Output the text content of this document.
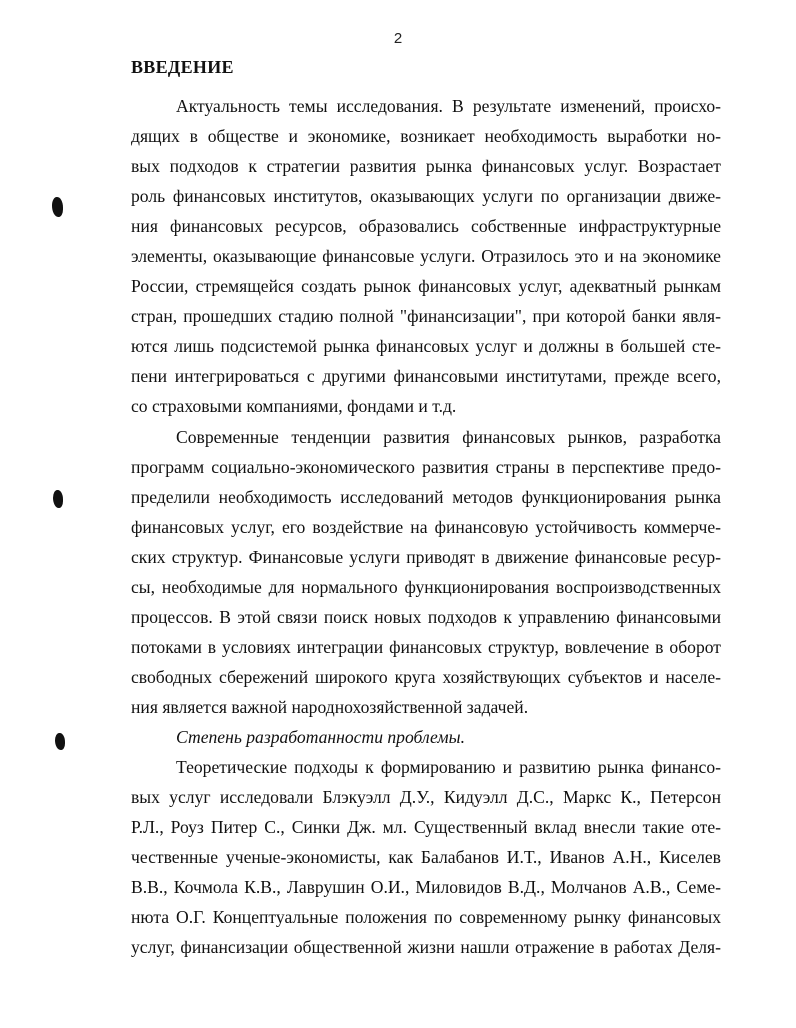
2
ВВЕДЕНИЕ
Актуальность темы исследования. В результате изменений, происхо-
дящих в обществе и экономике, возникает необходимость выработки но-
вых подходов к стратегии развития рынка финансовых услуг. Возрастает
роль финансовых институтов, оказывающих услуги по организации движе-
ния финансовых ресурсов, образовались собственные инфраструктурные
элементы, оказывающие финансовые услуги. Отразилось это и на экономике
России, стремящейся создать рынок финансовых услуг, адекватный рынкам
стран, прошедших стадию полной "финансизации", при которой банки явля-
ются лишь подсистемой рынка финансовых услуг и должны в большей сте-
пени интегрироваться с другими финансовыми институтами, прежде всего,
со страховыми компаниями, фондами и т.д.
Современные тенденции развития финансовых рынков, разработка
программ социально-экономического развития страны в перспективе предо-
пределили необходимость исследований методов функционирования рынка
финансовых услуг, его воздействие на финансовую устойчивость коммерче-
ских структур. Финансовые услуги приводят в движение финансовые ресур-
сы, необходимые для нормального функционирования воспроизводственных
процессов. В этой связи поиск новых подходов к управлению финансовыми
потоками в условиях интеграции финансовых структур, вовлечение в оборот
свободных сбережений широкого круга хозяйствующих субъектов и населе-
ния является важной народнохозяйственной задачей.
Степень разработанности проблемы.
Теоретические подходы к формированию и развитию рынка финансо-
вых услуг исследовали Блэкуэлл Д.У., Кидуэлл Д.С., Маркс К., Петерсон
Р.Л., Роуз Питер С., Синки Дж. мл. Существенный вклад внесли такие оте-
чественные ученые-экономисты, как Балабанов И.Т., Иванов А.Н., Киселев
В.В., Кочмола К.В., Лаврушин О.И., Миловидов В.Д., Молчанов А.В., Семе-
нюта О.Г. Концептуальные положения по современному рынку финансовых
услуг, финансизации общественной жизни нашли отражение в работах Деля-
